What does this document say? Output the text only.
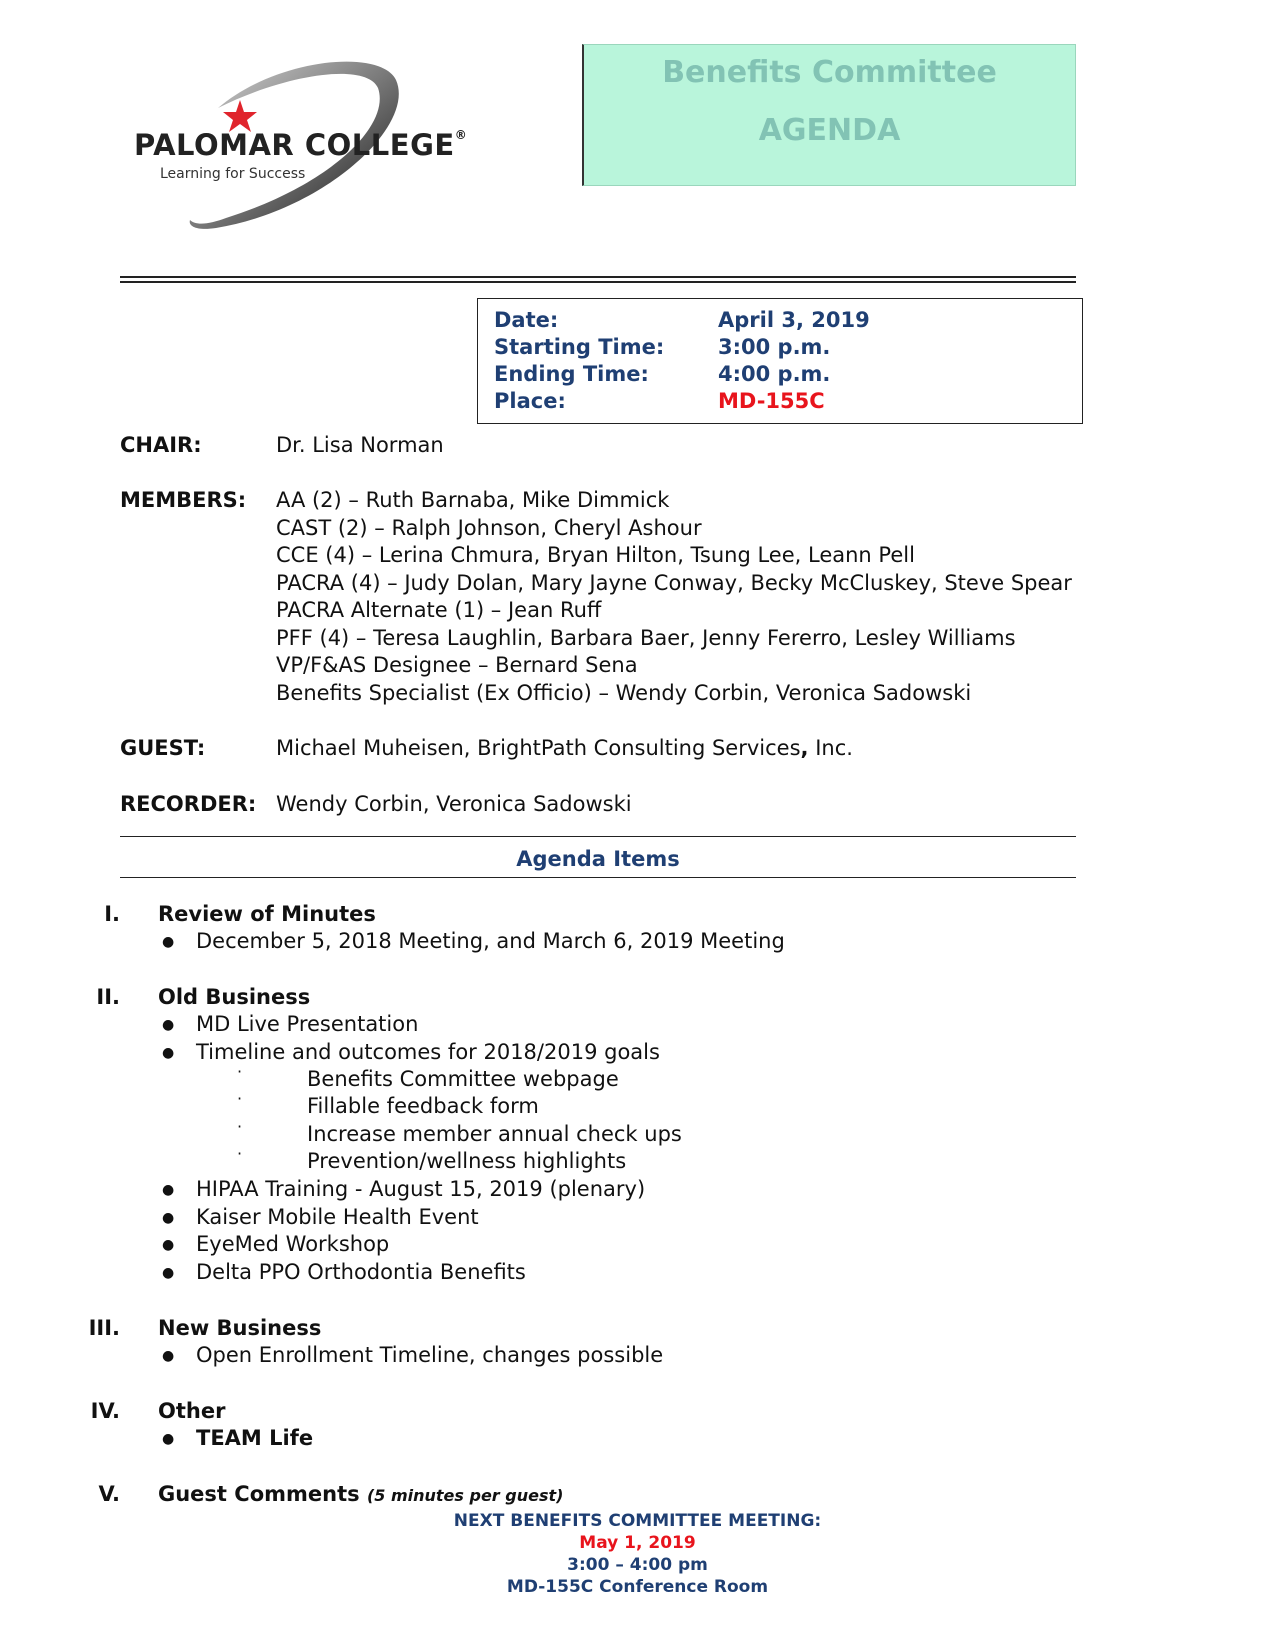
PALOMAR COLLEGE®
Learning for Success
Benefits Committee
AGENDA
Date:	April 3, 2019
Starting Time:	3:00 p.m.
Ending Time:	4:00 p.m.
Place:	MD-155C
CHAIR:	Dr. Lisa Norman
MEMBERS: AA (2) – Ruth Barnaba, Mike Dimmick
CAST (2) – Ralph Johnson, Cheryl Ashour
CCE (4) – Lerina Chmura, Bryan Hilton, Tsung Lee, Leann Pell
PACRA (4) – Judy Dolan, Mary Jayne Conway, Becky McCluskey, Steve Spear
PACRA Alternate (1) – Jean Ruff
PFF (4) – Teresa Laughlin, Barbara Baer, Jenny Fererro, Lesley Williams
VP/F&AS Designee – Bernard Sena
Benefits Specialist (Ex Officio) – Wendy Corbin, Veronica Sadowski
GUEST:	Michael Muheisen, BrightPath Consulting Services, Inc.
RECORDER: Wendy Corbin, Veronica Sadowski
Agenda Items
I. Review of Minutes
● December 5, 2018 Meeting, and March 6, 2019 Meeting
II. Old Business
● MD Live Presentation
● Timeline and outcomes for 2018/2019 goals
·	Benefits Committee webpage
·	Fillable feedback form
·	Increase member annual check ups
·	Prevention/wellness highlights
● HIPAA Training - August 15, 2019 (plenary)
● Kaiser Mobile Health Event
● EyeMed Workshop
● Delta PPO Orthodontia Benefits
III. New Business
● Open Enrollment Timeline, changes possible
IV. Other
● TEAM Life
V. Guest Comments (5 minutes per guest)
NEXT BENEFITS COMMITTEE MEETING:
May 1, 2019
3:00 – 4:00 pm
MD-155C Conference Room
